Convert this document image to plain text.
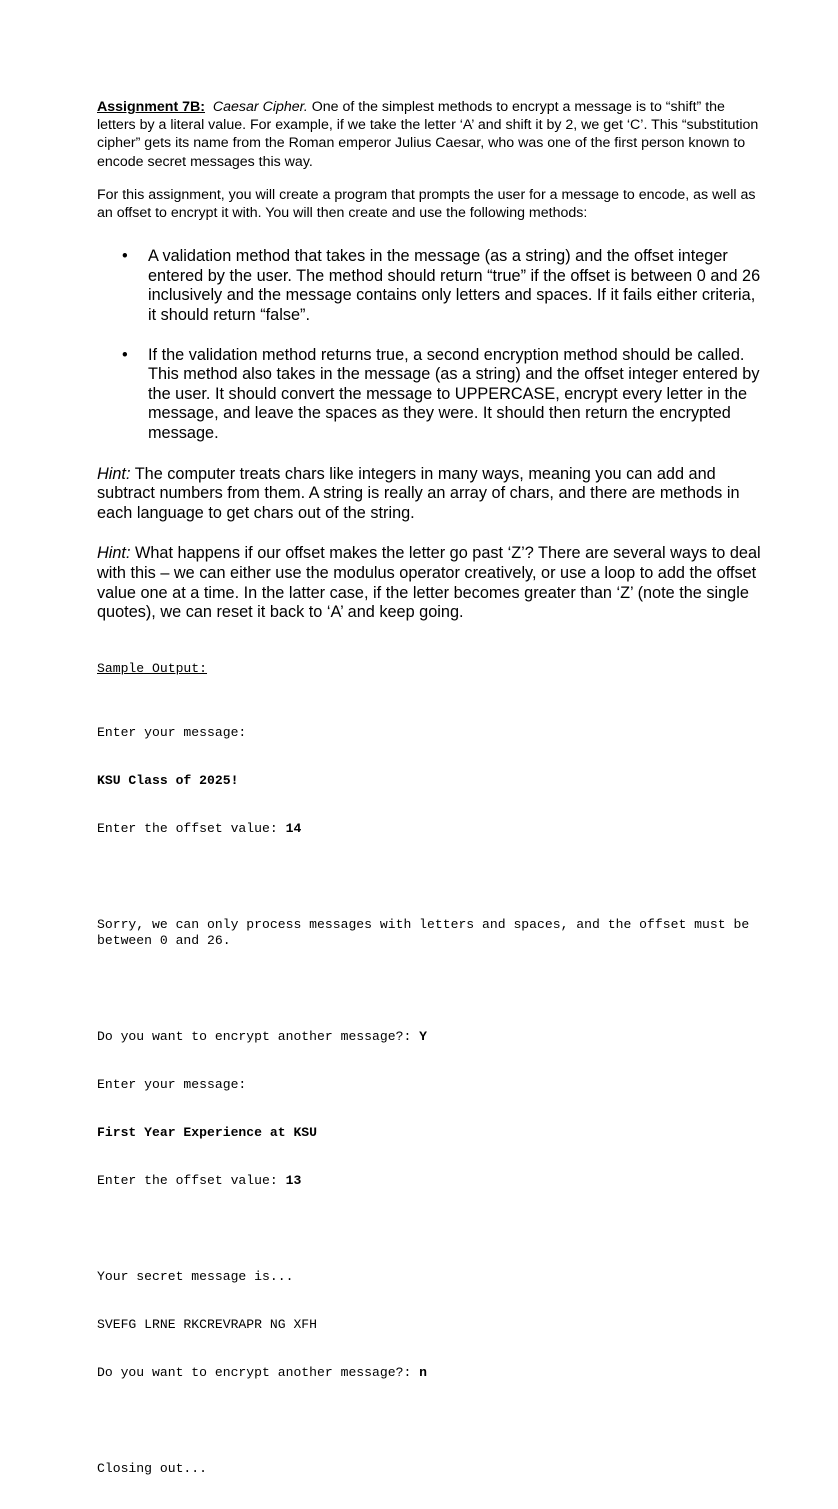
Assignment 7B: Caesar Cipher. One of the simplest methods to encrypt a message is to “shift” the letters by a literal value. For example, if we take the letter ‘A’ and shift it by 2, we get ‘C’. This “substitution cipher” gets its name from the Roman emperor Julius Caesar, who was one of the first person known to encode secret messages this way.

For this assignment, you will create a program that prompts the user for a message to encode, as well as an offset to encrypt it with. You will then create and use the following methods:

• A validation method that takes in the message (as a string) and the offset integer entered by the user. The method should return “true” if the offset is between 0 and 26 inclusively and the message contains only letters and spaces. If it fails either criteria, it should return “false”.
• If the validation method returns true, a second encryption method should be called. This method also takes in the message (as a string) and the offset integer entered by the user. It should convert the message to UPPERCASE, encrypt every letter in the message, and leave the spaces as they were. It should then return the encrypted message.

Hint: The computer treats chars like integers in many ways, meaning you can add and subtract numbers from them. A string is really an array of chars, and there are methods in each language to get chars out of the string.

Hint: What happens if our offset makes the letter go past ‘Z’? There are several ways to deal with this – we can either use the modulus operator creatively, or use a loop to add the offset value one at a time. In the latter case, if the letter becomes greater than ‘Z’ (note the single quotes), we can reset it back to ‘A’ and keep going.

Sample Output:

Enter your message:

KSU Class of 2025!

Enter the offset value: 14

Sorry, we can only process messages with letters and spaces, and the offset must be between 0 and 26.

Do you want to encrypt another message?: Y

Enter your message:

First Year Experience at KSU

Enter the offset value: 13

Your secret message is...

SVEFG LRNE RKCREVRAPR NG XFH

Do you want to encrypt another message?: n

Closing out...
